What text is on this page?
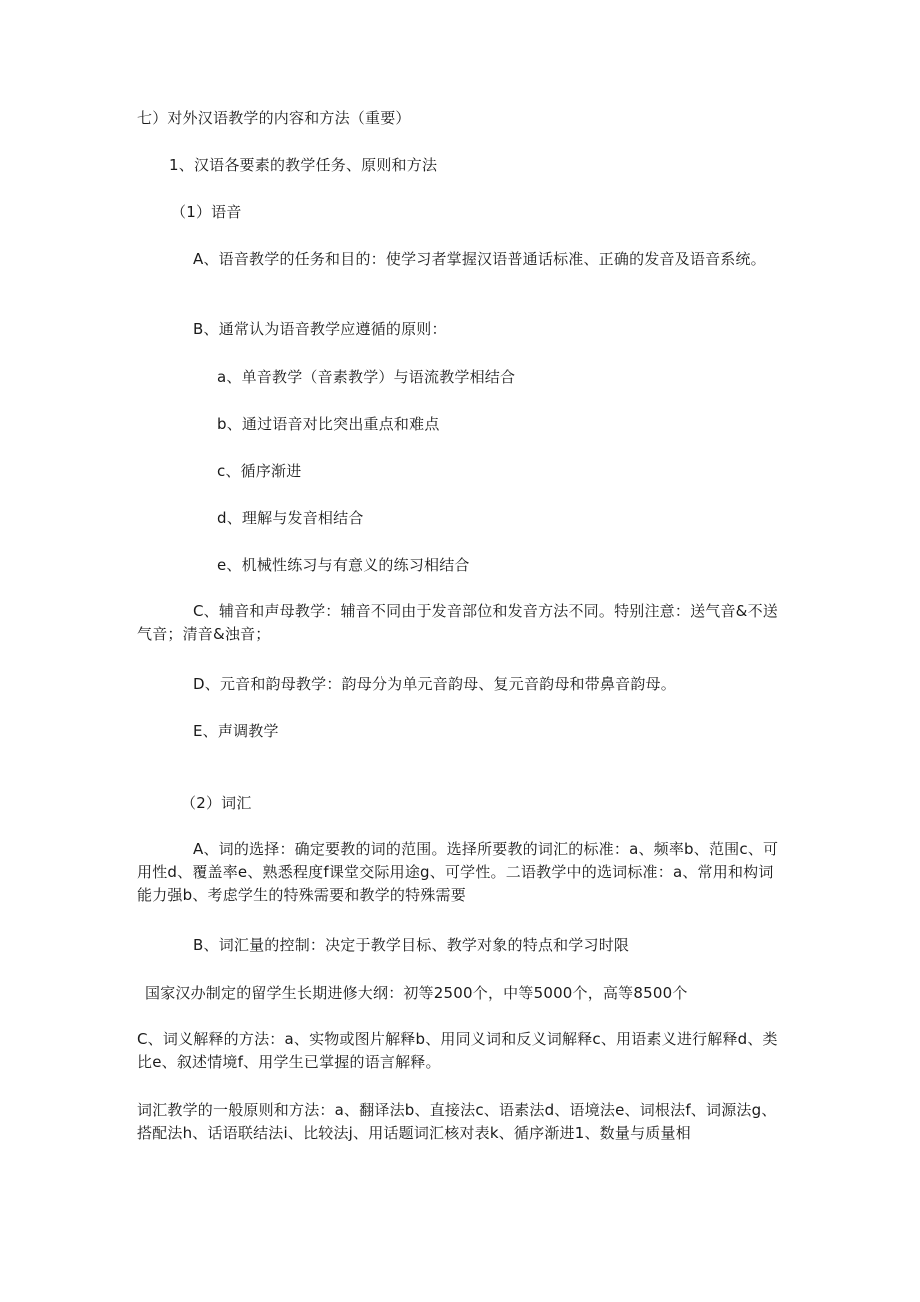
七）对外汉语教学的内容和方法（重要）
1、汉语各要素的教学任务、原则和方法
（1）语音
A、语音教学的任务和目的：使学习者掌握汉语普通话标准、正确的发音及语音系统。
B、通常认为语音教学应遵循的原则：
a、单音教学（音素教学）与语流教学相结合
b、通过语音对比突出重点和难点
c、循序渐进
d、理解与发音相结合
e、机械性练习与有意义的练习相结合
C、辅音和声母教学：辅音不同由于发音部位和发音方法不同。特别注意：送气音&不送气音；清音&浊音；
D、元音和韵母教学：韵母分为单元音韵母、复元音韵母和带鼻音韵母。
E、声调教学
（2）词汇
A、词的选择：确定要教的词的范围。选择所要教的词汇的标准：a、频率b、范围c、可用性d、覆盖率e、熟悉程度f课堂交际用途g、可学性。二语教学中的选词标准：a、常用和构词能力强b、考虑学生的特殊需要和教学的特殊需要
B、词汇量的控制：决定于教学目标、教学对象的特点和学习时限
国家汉办制定的留学生长期进修大纲：初等2500个，中等5000个，高等8500个
C、词义解释的方法：a、实物或图片解释b、用同义词和反义词解释c、用语素义进行解释d、类比e、叙述情境f、用学生已掌握的语言解释。
词汇教学的一般原则和方法：a、翻译法b、直接法c、语素法d、语境法e、词根法f、词源法g、搭配法h、话语联结法i、比较法j、用话题词汇核对表k、循序渐进1、数量与质量相
